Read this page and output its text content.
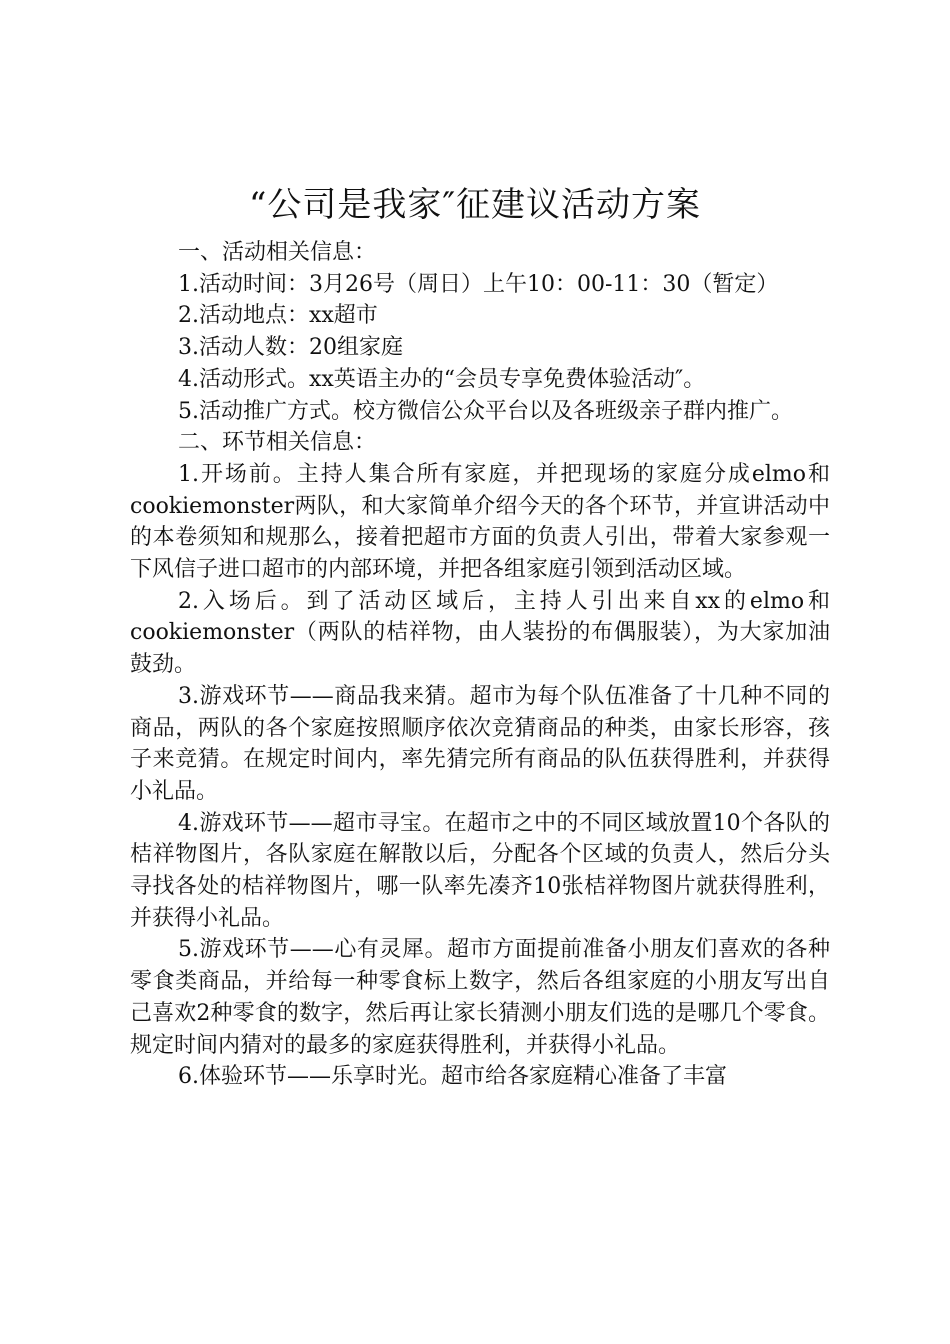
“公司是我家″征建议活动方案

一、活动相关信息：

1.活动时间：3月26号（周日）上午10：00-11：30（暂定）

2.活动地点：xx超市

3.活动人数：20组家庭

4.活动形式。xx英语主办的“会员专享免费体验活动″。

5.活动推广方式。校方微信公众平台以及各班级亲子群内推广。

二、环节相关信息：

1.开场前。主持人集合所有家庭，并把现场的家庭分成elmo和cookiemonster两队，和大家简单介绍今天的各个环节，并宣讲活动中的本卷须知和规那么，接着把超市方面的负责人引出，带着大家参观一下风信子进口超市的内部环境，并把各组家庭引领到活动区域。

2.入场后。到了活动区域后，主持人引出来自xx的elmo和cookiemonster（两队的桔祥物，由人装扮的布偶服装），为大家加油鼓劲。

3.游戏环节——商品我来猜。超市为每个队伍准备了十几种不同的商品，两队的各个家庭按照顺序依次竞猜商品的种类，由家长形容，孩子来竞猜。在规定时间内，率先猜完所有商品的队伍获得胜利，并获得小礼品。

4.游戏环节——超市寻宝。在超市之中的不同区域放置10个各队的桔祥物图片，各队家庭在解散以后，分配各个区域的负责人，然后分头寻找各处的桔祥物图片，哪一队率先凑齐10张桔祥物图片就获得胜利，并获得小礼品。

5.游戏环节——心有灵犀。超市方面提前准备小朋友们喜欢的各种零食类商品，并给每一种零食标上数字，然后各组家庭的小朋友写出自己喜欢2种零食的数字，然后再让家长猜测小朋友们选的是哪几个零食。规定时间内猜对的最多的家庭获得胜利，并获得小礼品。

6.体验环节——乐享时光。超市给各家庭精心准备了丰富
